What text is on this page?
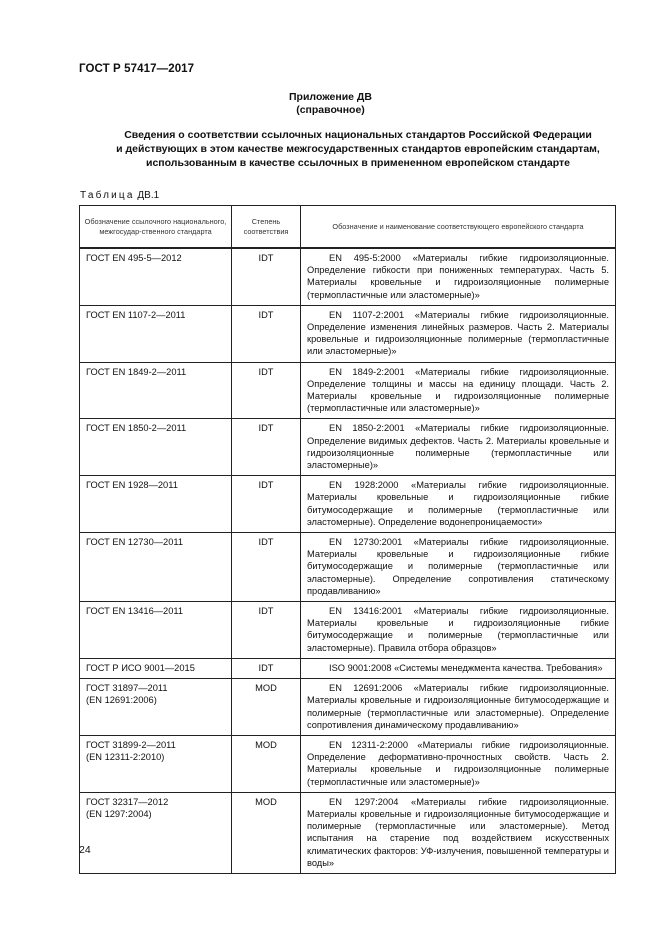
ГОСТ Р 57417—2017
Приложение ДВ
(справочное)
Сведения о соответствии ссылочных национальных стандартов Российской Федерации
и действующих в этом качестве межгосударственных стандартов европейским стандартам,
использованным в качестве ссылочных в примененном европейском стандарте
Таблица ДВ.1
Обозначение ссылочного национального, межгосудар-ственного стандарта	Степень соответствия	Обозначение и наименование соответствующего европейского стандарта

ГОСТ EN 495-5—2012	IDT	EN 495-5:2000 «Материалы гибкие гидроизоляционные. Определение гибкости при пониженных температурах. Часть 5. Материалы кровельные и гидроизоляционные полимерные (термопластичные или эластомерные)»

ГОСТ EN 1107-2—2011	IDT	EN 1107-2:2001 «Материалы гибкие гидроизоляционные. Определение изменения линейных размеров. Часть 2. Материалы кровельные и гидроизоляционные полимерные (термопластичные или эластомерные)»

ГОСТ EN 1849-2—2011	IDT	EN 1849-2:2001 «Материалы гибкие гидроизоляционные. Определение толщины и массы на единицу площади. Часть 2. Материалы кровельные и гидроизоляционные полимерные (термопластичные или эластомерные)»

ГОСТ EN 1850-2—2011	IDT	EN 1850-2:2001 «Материалы гибкие гидроизоляционные. Определение видимых дефектов. Часть 2. Материалы кровельные и гидроизоляционные полимерные (термопластичные или эластомерные)»

ГОСТ EN 1928—2011	IDT	EN 1928:2000 «Материалы гибкие гидроизоляционные. Материалы кровельные и гидроизоляционные гибкие битумосодержащие и полимерные (термопластичные или эластомерные). Определение водонепроницаемости»

ГОСТ EN 12730—2011	IDT	EN 12730:2001 «Материалы гибкие гидроизоляционные. Материалы кровельные и гидроизоляционные гибкие битумосодержащие и полимерные (термопластичные или эластомерные). Определение сопротивления статическому продавливанию»

ГОСТ EN 13416—2011	IDT	EN 13416:2001 «Материалы гибкие гидроизоляционные. Материалы кровельные и гидроизоляционные гибкие битумосодержащие и полимерные (термопластичные или эластомерные). Правила отбора образцов»

ГОСТ Р ИСО 9001—2015	IDT	ISO 9001:2008 «Системы менеджмента качества. Требования»

ГОСТ 31897—2011
(EN 12691:2006)	MOD	EN 12691:2006 «Материалы гибкие гидроизоляционные. Материалы кровельные и гидроизоляционные битумосодержащие и полимерные (термопластичные или эластомерные). Определение сопротивления динамическому продавливанию»

ГОСТ 31899-2—2011
(EN 12311-2:2010)	MOD	EN 12311-2:2000 «Материалы гибкие гидроизоляционные. Определение деформативно-прочностных свойств. Часть 2. Материалы кровельные и гидроизоляционные полимерные (термопластичные или эластомерные)»

ГОСТ 32317—2012
(EN 1297:2004)	MOD	EN 1297:2004 «Материалы гибкие гидроизоляционные. Материалы кровельные и гидроизоляционные битумосодержащие и полимерные (термопластичные или эластомерные). Метод испытания на старение под воздействием искусственных климатических факторов: УФ-излучения, повышенной температуры и воды»
24
